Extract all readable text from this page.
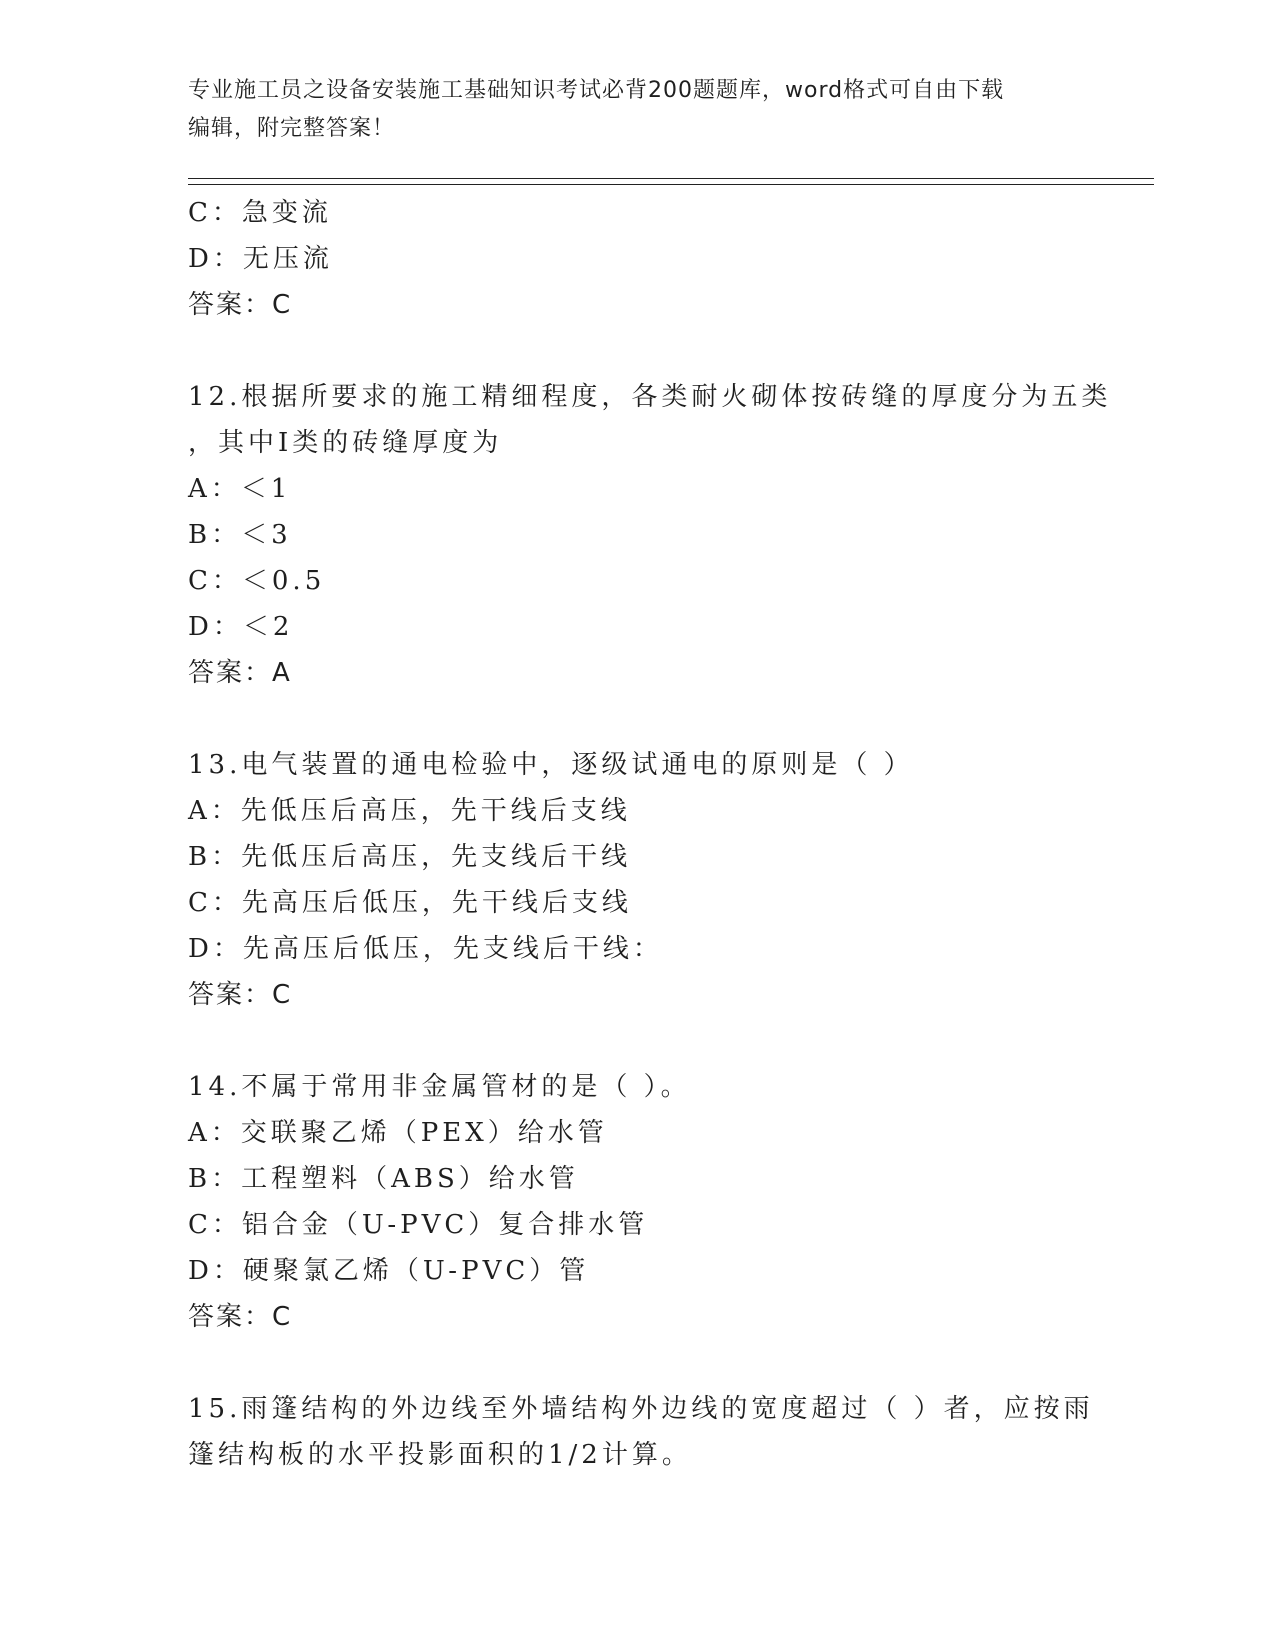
专业施工员之设备安装施工基础知识考试必背200题题库，word格式可自由下载
编辑，附完整答案！
C：急变流
D：无压流
答案：C
12.根据所要求的施工精细程度，各类耐火砌体按砖缝的厚度分为五类
，其中Ⅰ类的砖缝厚度为
A：＜1
B：＜3
C：＜0.5
D：＜2
答案：A
13.电气装置的通电检验中，逐级试通电的原则是（ ）
A：先低压后高压，先干线后支线
B：先低压后高压，先支线后干线
C：先高压后低压，先干线后支线
D：先高压后低压，先支线后干线：
答案：C
14.不属于常用非金属管材的是（ ）。
A：交联聚乙烯（PEX）给水管
B：工程塑料（ABS）给水管
C：铝合金（U-PVC）复合排水管
D：硬聚氯乙烯（U-PVC）管
答案：C
15.雨篷结构的外边线至外墙结构外边线的宽度超过（ ）者，应按雨
篷结构板的水平投影面积的1/2计算。
